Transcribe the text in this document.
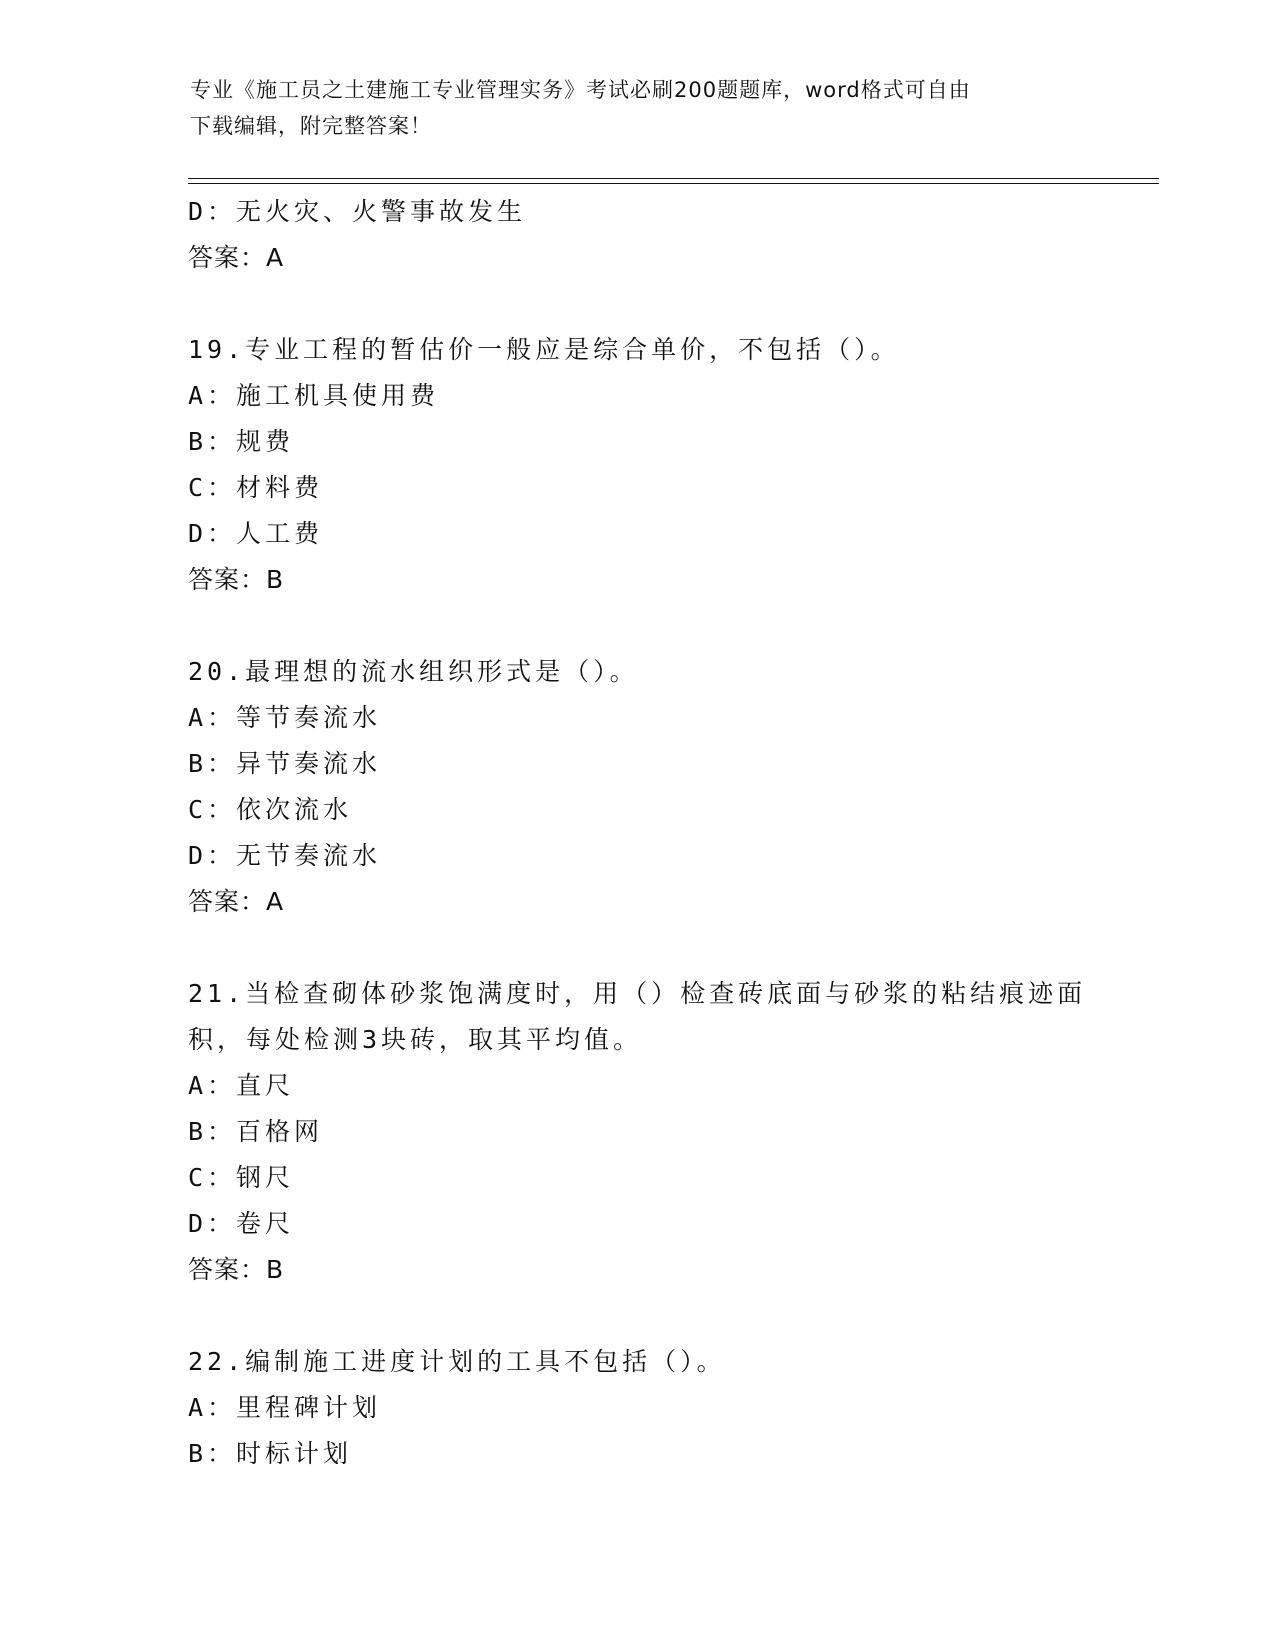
专业《施工员之土建施工专业管理实务》考试必刷200题题库，word格式可自由
下载编辑，附完整答案！
D：无火灾、火警事故发生
答案：A
19.专业工程的暂估价一般应是综合单价，不包括（）。
A：施工机具使用费
B：规费
C：材料费
D：人工费
答案：B
20.最理想的流水组织形式是（）。
A：等节奏流水
B：异节奏流水
C：依次流水
D：无节奏流水
答案：A
21.当检查砌体砂浆饱满度时，用（）检查砖底面与砂浆的粘结痕迹面
积，每处检测3块砖，取其平均值。
A：直尺
B：百格网
C：钢尺
D：卷尺
答案：B
22.编制施工进度计划的工具不包括（）。
A：里程碑计划
B：时标计划
